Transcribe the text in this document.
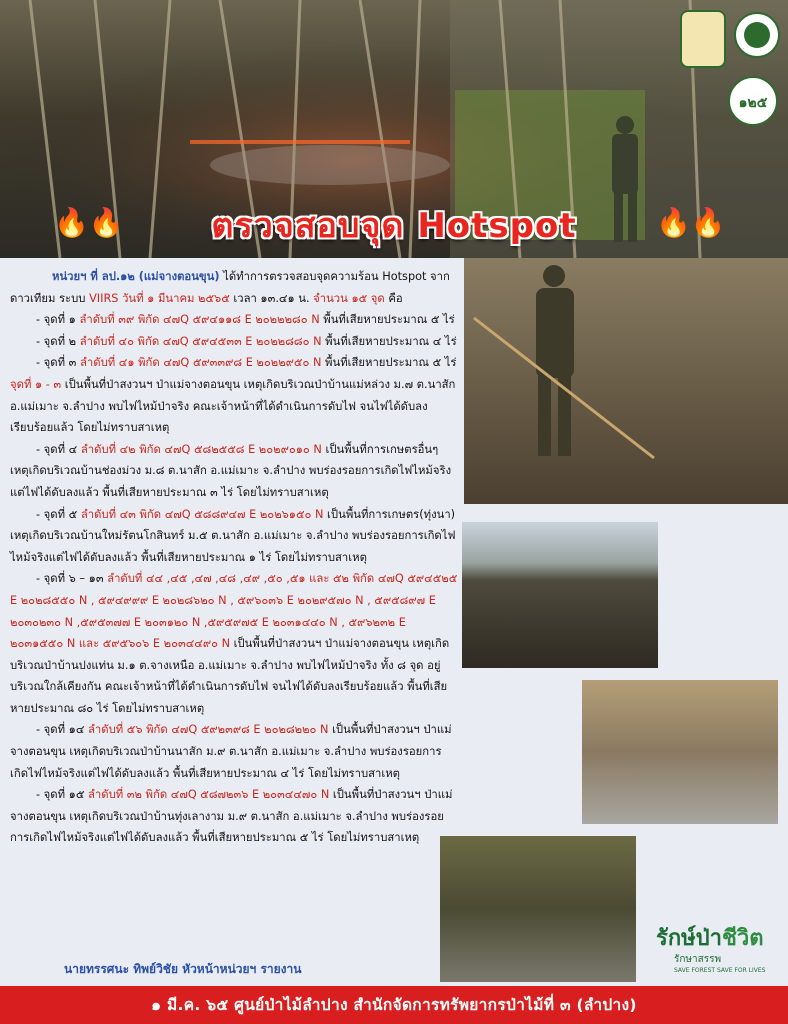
🔥🔥	ตรวจสอบจุด Hotspot	🔥🔥
๑๒๕

หน่วยฯ ที่ ลป.๑๒ (แม่จางตอนขุน) ได้ทำการตรวจสอบจุดความร้อน Hotspot จากดาวเทียม ระบบ VIIRS วันที่ ๑ มีนาคม ๒๕๖๕ เวลา ๑๓.๔๑ น. จำนวน ๑๕ จุด คือ

- จุดที่ ๑ ลำดับที่ ๓๙ พิกัด ๔๗Q ๕๙๔๑๑๘ E ๒๐๒๒๒๘๐ N พื้นที่เสียหายประมาณ ๕ ไร่

- จุดที่ ๒ ลำดับที่ ๔๐ พิกัด ๔๗Q ๕๙๔๕๓๓ E ๒๐๒๒๘๘๐ N พื้นที่เสียหายประมาณ ๔ ไร่

- จุดที่ ๓ ลำดับที่ ๔๑ พิกัด ๔๗Q ๕๙๓๓๙๘ E ๒๐๒๒๙๕๐ N พื้นที่เสียหายประมาณ ๕ ไร่ จุดที่ ๑ - ๓ เป็นพื้นที่ป่าสงวนฯ ป่าแม่จางตอนขุน เหตุเกิดบริเวณป่าบ้านแม่หล่วง ม.๗ ต.นาสัก อ.แม่เมาะ จ.ลำปาง พบไฟไหม้ป่าจริง คณะเจ้าหน้าที่ได้ดำเนินการดับไฟ จนไฟได้ดับลงเรียบร้อยแล้ว โดยไม่ทราบสาเหตุ

- จุดที่ ๔ ลำดับที่ ๔๒ พิกัด ๔๗Q ๕๘๒๕๕๘ E ๒๐๒๙๐๑๐ N เป็นพื้นที่การเกษตรอื่นๆ เหตุเกิดบริเวณบ้านช่องม่วง ม.๘ ต.นาสัก อ.แม่เมาะ จ.ลำปาง พบร่องรอยการเกิดไฟไหม้จริงแต่ไฟได้ดับลงแล้ว พื้นที่เสียหายประมาณ ๓ ไร่ โดยไม่ทราบสาเหตุ

- จุดที่ ๕ ลำดับที่ ๔๓ พิกัด ๔๗Q ๕๘๘๙๔๗ E ๒๐๒๖๑๕๐ N เป็นพื้นที่การเกษตร(ทุ่งนา) เหตุเกิดบริเวณบ้านใหม่รัตนโกสินทร์ ม.๕ ต.นาสัก อ.แม่เมาะ จ.ลำปาง พบร่องรอยการเกิดไฟไหม้จริงแต่ไฟได้ดับลงแล้ว พื้นที่เสียหายประมาณ ๑ ไร่ โดยไม่ทราบสาเหตุ

- จุดที่ ๖ – ๑๓ ลำดับที่ ๔๔ ,๔๕ ,๔๗ ,๔๘ ,๔๙ ,๕๐ ,๕๑ และ ๕๒ พิกัด ๔๗Q ๕๙๔๕๒๕ E ๒๐๒๘๕๕๐ N , ๕๙๔๙๙๙ E ๒๐๒๘๖๒๐ N , ๕๙๖๐๓๖ E ๒๐๒๙๕๗๐ N , ๕๙๕๘๙๗ E ๒๐๓๐๒๓๐ N ,๕๙๕๓๗๗ E ๒๐๓๑๒๐ N ,๕๙๕๙๗๕ E ๒๐๓๑๔๔๐ N , ๕๙๖๒๓๒ E ๒๐๓๑๕๕๐ N และ ๕๙๕๖๐๖ E ๒๐๓๔๔๙๐ N เป็นพื้นที่ป่าสงวนฯ ป่าแม่จางตอนขุน เหตุเกิดบริเวณป่าบ้านปงแท่น ม.๑ ต.จางเหนือ อ.แม่เมาะ จ.ลำปาง พบไฟไหม้ป่าจริง ทั้ง ๘ จุด อยู่บริเวณใกล้เคียงกัน คณะเจ้าหน้าที่ได้ดำเนินการดับไฟ จนไฟได้ดับลงเรียบร้อยแล้ว พื้นที่เสียหายประมาณ ๘๐ ไร่ โดยไม่ทราบสาเหตุ

- จุดที่ ๑๔ ลำดับที่ ๕๖ พิกัด ๔๗Q ๕๙๒๓๙๘ E ๒๐๒๘๒๒๐ N เป็นพื้นที่ป่าสงวนฯ ป่าแม่จางตอนขุน เหตุเกิดบริเวณป่าบ้านนาสัก ม.๙ ต.นาสัก อ.แม่เมาะ จ.ลำปาง พบร่องรอยการเกิดไฟไหม้จริงแต่ไฟได้ดับลงแล้ว พื้นที่เสียหายประมาณ ๔ ไร่ โดยไม่ทราบสาเหตุ

- จุดที่ ๑๕ ลำดับที่ ๓๒ พิกัด ๔๗Q ๕๘๗๒๓๖ E ๒๐๓๔๔๗๐ N เป็นพื้นที่ป่าสงวนฯ ป่าแม่จางตอนขุน เหตุเกิดบริเวณป่าบ้านทุ่งเลางาม ม.๙ ต.นาสัก อ.แม่เมาะ จ.ลำปาง พบร่องรอยการเกิดไฟไหม้จริงแต่ไฟได้ดับลงแล้ว พื้นที่เสียหายประมาณ ๕ ไร่ โดยไม่ทราบสาเหตุ

นายทรรศนะ ทิพย์วิชัย หัวหน้าหน่วยฯ รายงาน
รักษ์ป่าชีวิต
รักษาสรรพ
SAVE FOREST SAVE FOR LIVES
๑ มี.ค. ๖๕ ศูนย์ป่าไม้ลำปาง สำนักจัดการทรัพยากรป่าไม้ที่ ๓ (ลำปาง)
